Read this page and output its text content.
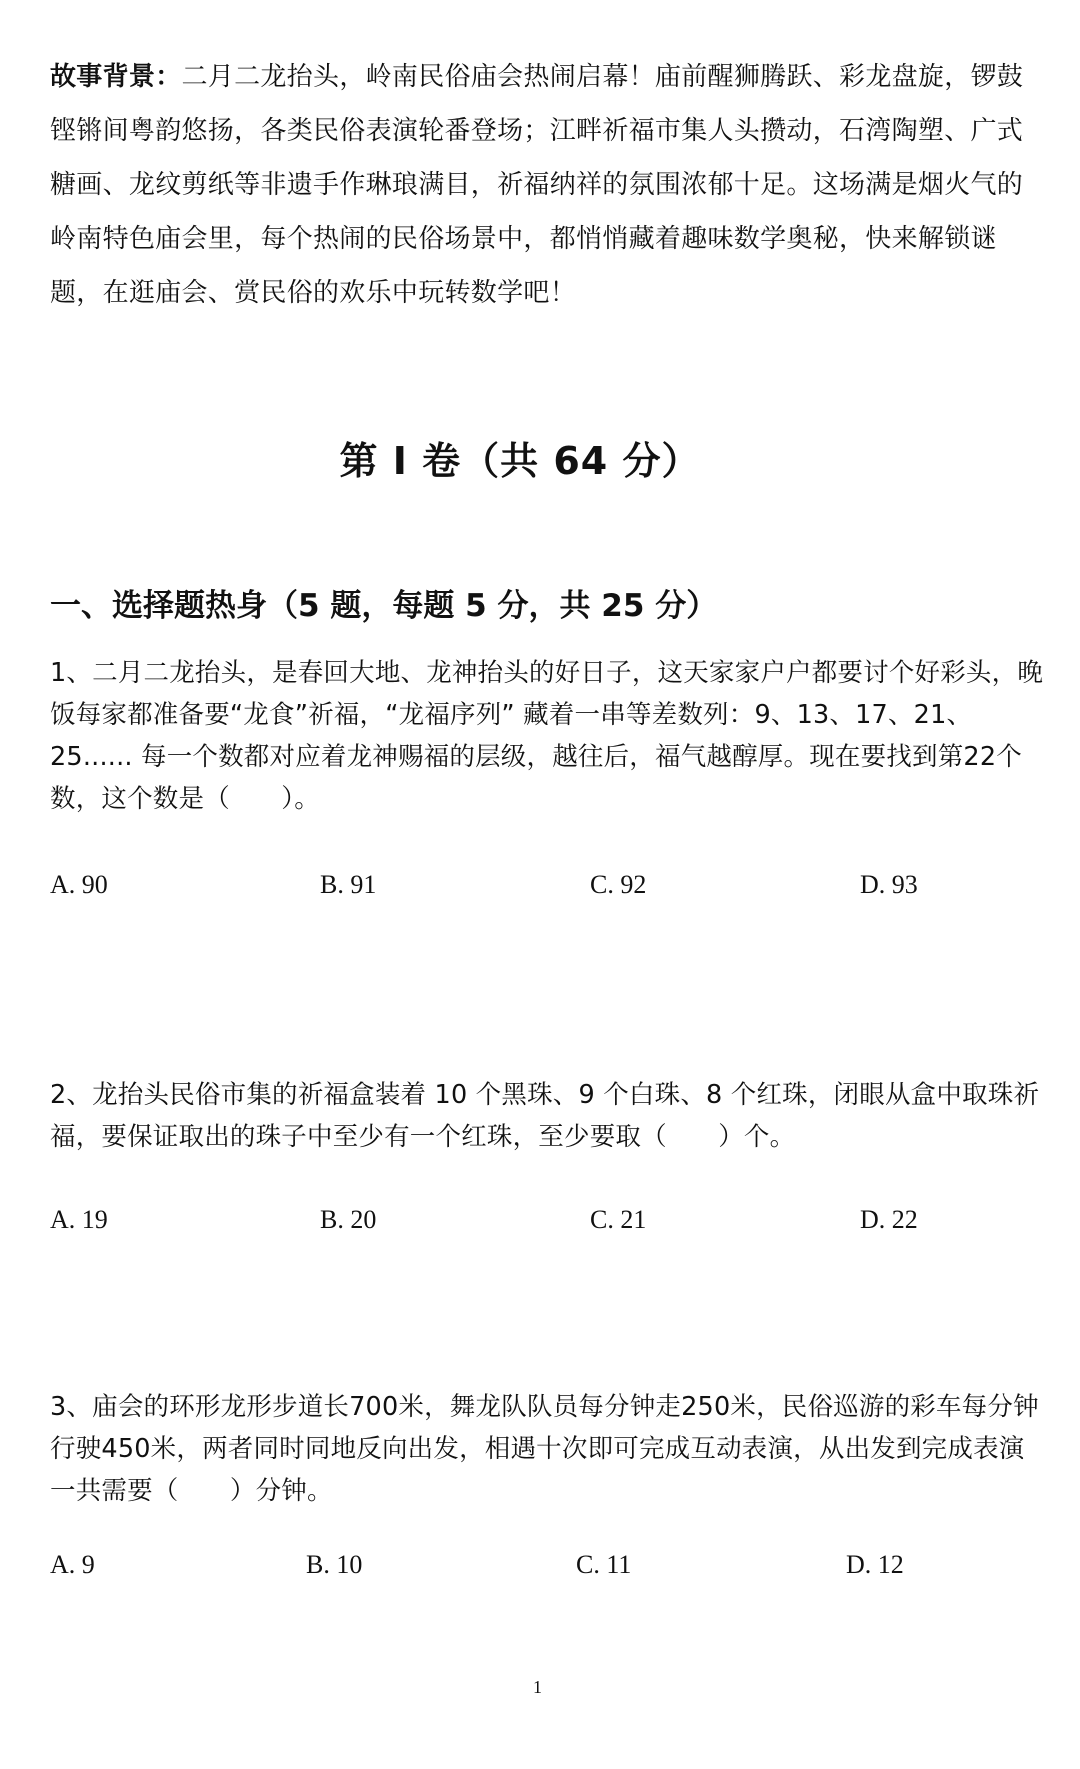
故事背景：二月二龙抬头，岭南民俗庙会热闹启幕！庙前醒狮腾跃、彩龙盘旋，锣鼓铿锵间粤韵悠扬，各类民俗表演轮番登场；江畔祈福市集人头攒动，石湾陶塑、广式糖画、龙纹剪纸等非遗手作琳琅满目，祈福纳祥的氛围浓郁十足。这场满是烟火气的岭南特色庙会里，每个热闹的民俗场景中，都悄悄藏着趣味数学奥秘，快来解锁谜题，在逛庙会、赏民俗的欢乐中玩转数学吧！
第 I 卷（共 64 分）
一、选择题热身（5 题，每题 5 分，共 25 分）
1、二月二龙抬头，是春回大地、龙神抬头的好日子，这天家家户户都要讨个好彩头，晚饭每家都准备要“龙食”祈福，“龙福序列” 藏着一串等差数列：9、13、17、21、25...... 每一个数都对应着龙神赐福的层级，越往后，福气越醇厚。现在要找到第22个数，这个数是（　　）。
A. 90	B. 91	C. 92	D. 93
2、龙抬头民俗市集的祈福盒装着 10 个黑珠、9 个白珠、8 个红珠，闭眼从盒中取珠祈福，要保证取出的珠子中至少有一个红珠，至少要取（　　）个。
A. 19	B. 20	C. 21	D. 22
3、庙会的环形龙形步道长700米，舞龙队队员每分钟走250米，民俗巡游的彩车每分钟行驶450米，两者同时同地反向出发，相遇十次即可完成互动表演，从出发到完成表演一共需要（　　）分钟。
A. 9	B. 10	C. 11	D. 12
1
